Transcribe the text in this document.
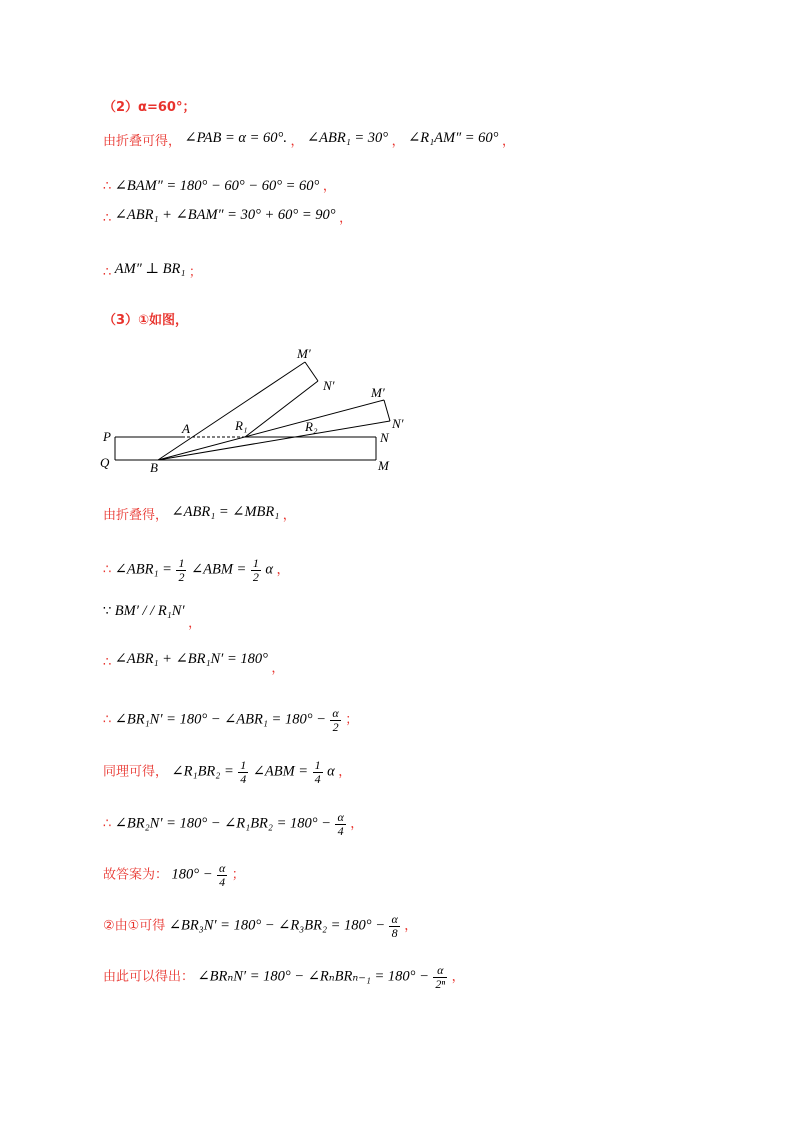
（2）α=60°；
由折叠可得， ∠PAB = α = 60°. ， ∠ABR₁ = 30° ， ∠R₁AM″ = 60° ，
∴ ∠BAM″ = 180° − 60° − 60° = 60° ，
∴ ∠ABR₁ + ∠BAM″ = 30° + 60° = 90° ，
∴ AM″ ⊥ BR₁ ；
（3）①如图，
P
Q
A
B
R₁	R₂
N
M
M′
N′	M′
N′
由折叠得， ∠ABR₁ = ∠MBR₁ ，
∴ ∠ABR₁ = $\frac{1}{2}$ ∠ABM = $\frac{1}{2}$ α ，
∵ BM′ / / R₁N′ ，
∴ ∠ABR₁ + ∠BR₁N′ = 180° ，
∴ ∠BR₁N′ = 180° − ∠ABR₁ = $180^\circ - \frac{\alpha}{2}$ ；
同理可得， ∠R₁BR₂ = $\frac{1}{4}$ ∠ABM = $\frac{1}{4}$ α ，
∴ ∠BR₂N′ = 180° − ∠R₁BR₂ = $180^\circ - \frac{\alpha}{4}$ ，
故答案为： $180^\circ - \frac{\alpha}{4}$ ；
②由①可得 ∠BR₃N′ = 180° − ∠R₃BR₂ = $180^\circ - \frac{\alpha}{8}$ ，
由此可以得出： ∠BRₙN′ = 180° − ∠RₙBRₙ₋₁ = $180^\circ - \frac{\alpha}{\text{2ⁿ}}$ ，
